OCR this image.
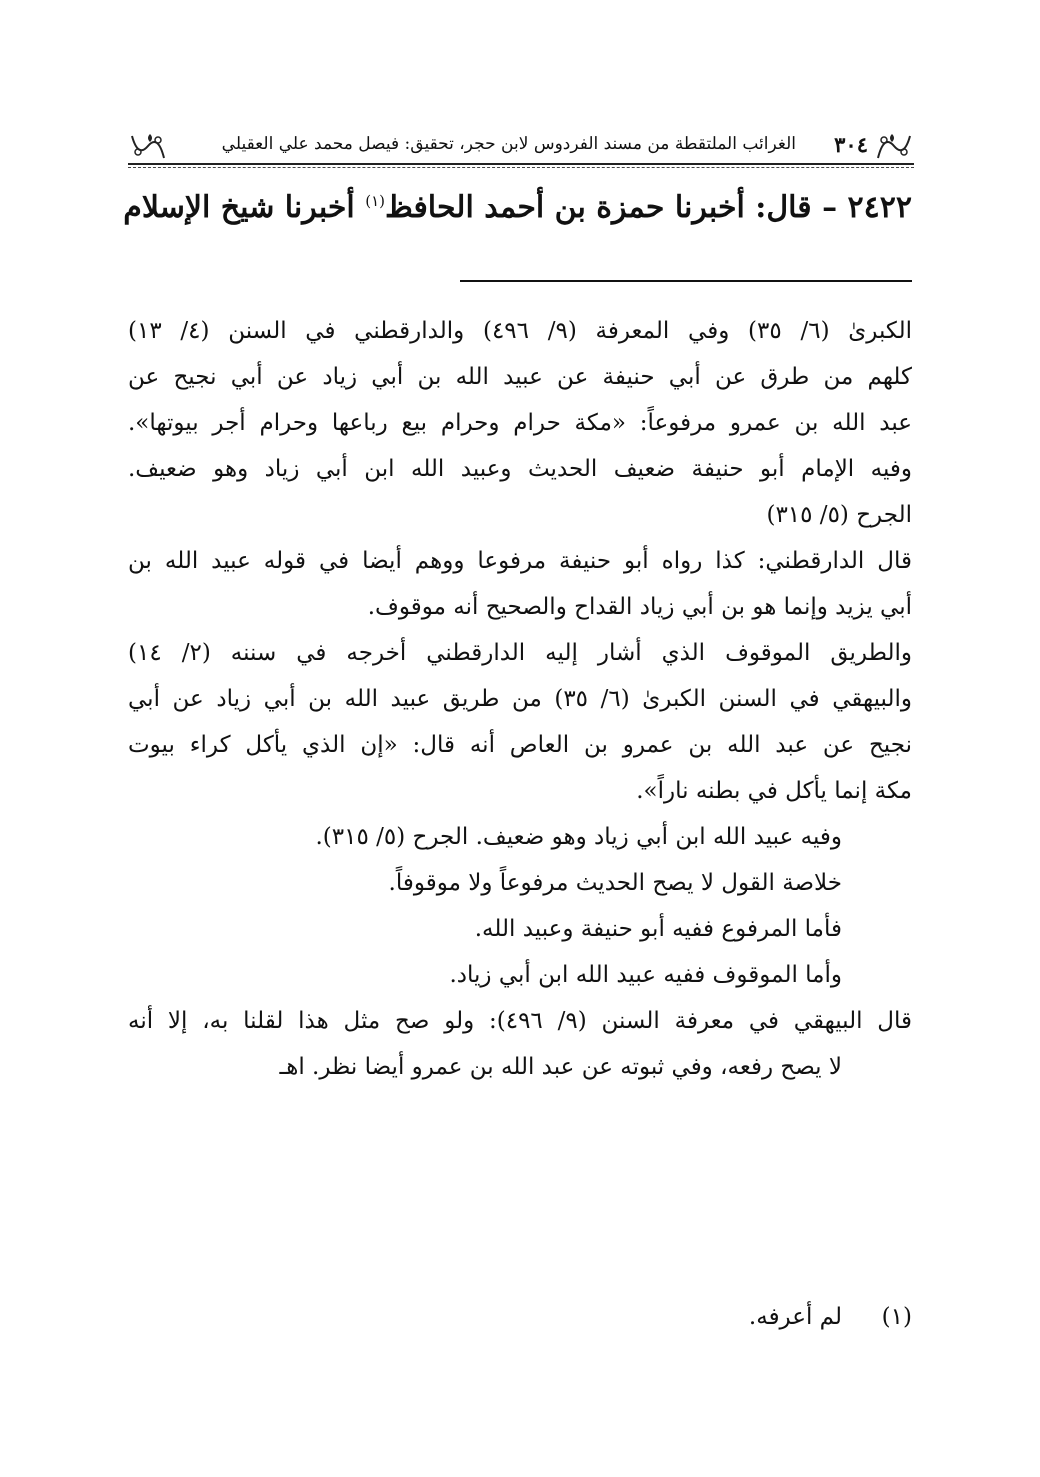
٣٠٤
الغرائب الملتقطة من مسند الفردوس لابن حجر، تحقيق: فيصل محمد علي العقيلي
٢٤٢٢ – قال: أخبرنا حمزة بن أحمد الحافظ$^{(١)}$ أخبرنا شيخ الإسلام
الكبرىٰ (٦/ ٣٥) وفي المعرفة (٩/ ٤٩٦) والدارقطني في السنن (٤/ ١٣)
كلهم من طرق عن أبي حنيفة عن عبيد الله بن أبي زياد عن أبي نجيح عن
عبد الله بن عمرو مرفوعاً: «مكة حرام وحرام بيع رباعها وحرام أجر بيوتها».
وفيه الإمام أبو حنيفة ضعيف الحديث وعبيد الله ابن أبي زياد وهو ضعيف.
الجرح (٥/ ٣١٥)
قال الدارقطني: كذا رواه أبو حنيفة مرفوعا ووهم أيضا في قوله عبيد الله بن
أبي يزيد وإنما هو بن أبي زياد القداح والصحيح أنه موقوف.
والطريق الموقوف الذي أشار إليه الدارقطني أخرجه في سننه (٢/ ١٤)
والبيهقي في السنن الكبرىٰ (٦/ ٣٥) من طريق عبيد الله بن أبي زياد عن أبي
نجيح عن عبد الله بن عمرو بن العاص أنه قال: «إن الذي يأكل كراء بيوت
مكة إنما يأكل في بطنه ناراً».
وفيه عبيد الله ابن أبي زياد وهو ضعيف. الجرح (٥/ ٣١٥).
خلاصة القول لا يصح الحديث مرفوعاً ولا موقوفاً.
فأما المرفوع ففيه أبو حنيفة وعبيد الله.
وأما الموقوف ففيه عبيد الله ابن أبي زياد.
قال البيهقي في معرفة السنن (٩/ ٤٩٦): ولو صح مثل هذا لقلنا به، إلا أنه
لا يصح رفعه، وفي ثبوته عن عبد الله بن عمرو أيضا نظر. اهـ
(١)لم أعرفه.
